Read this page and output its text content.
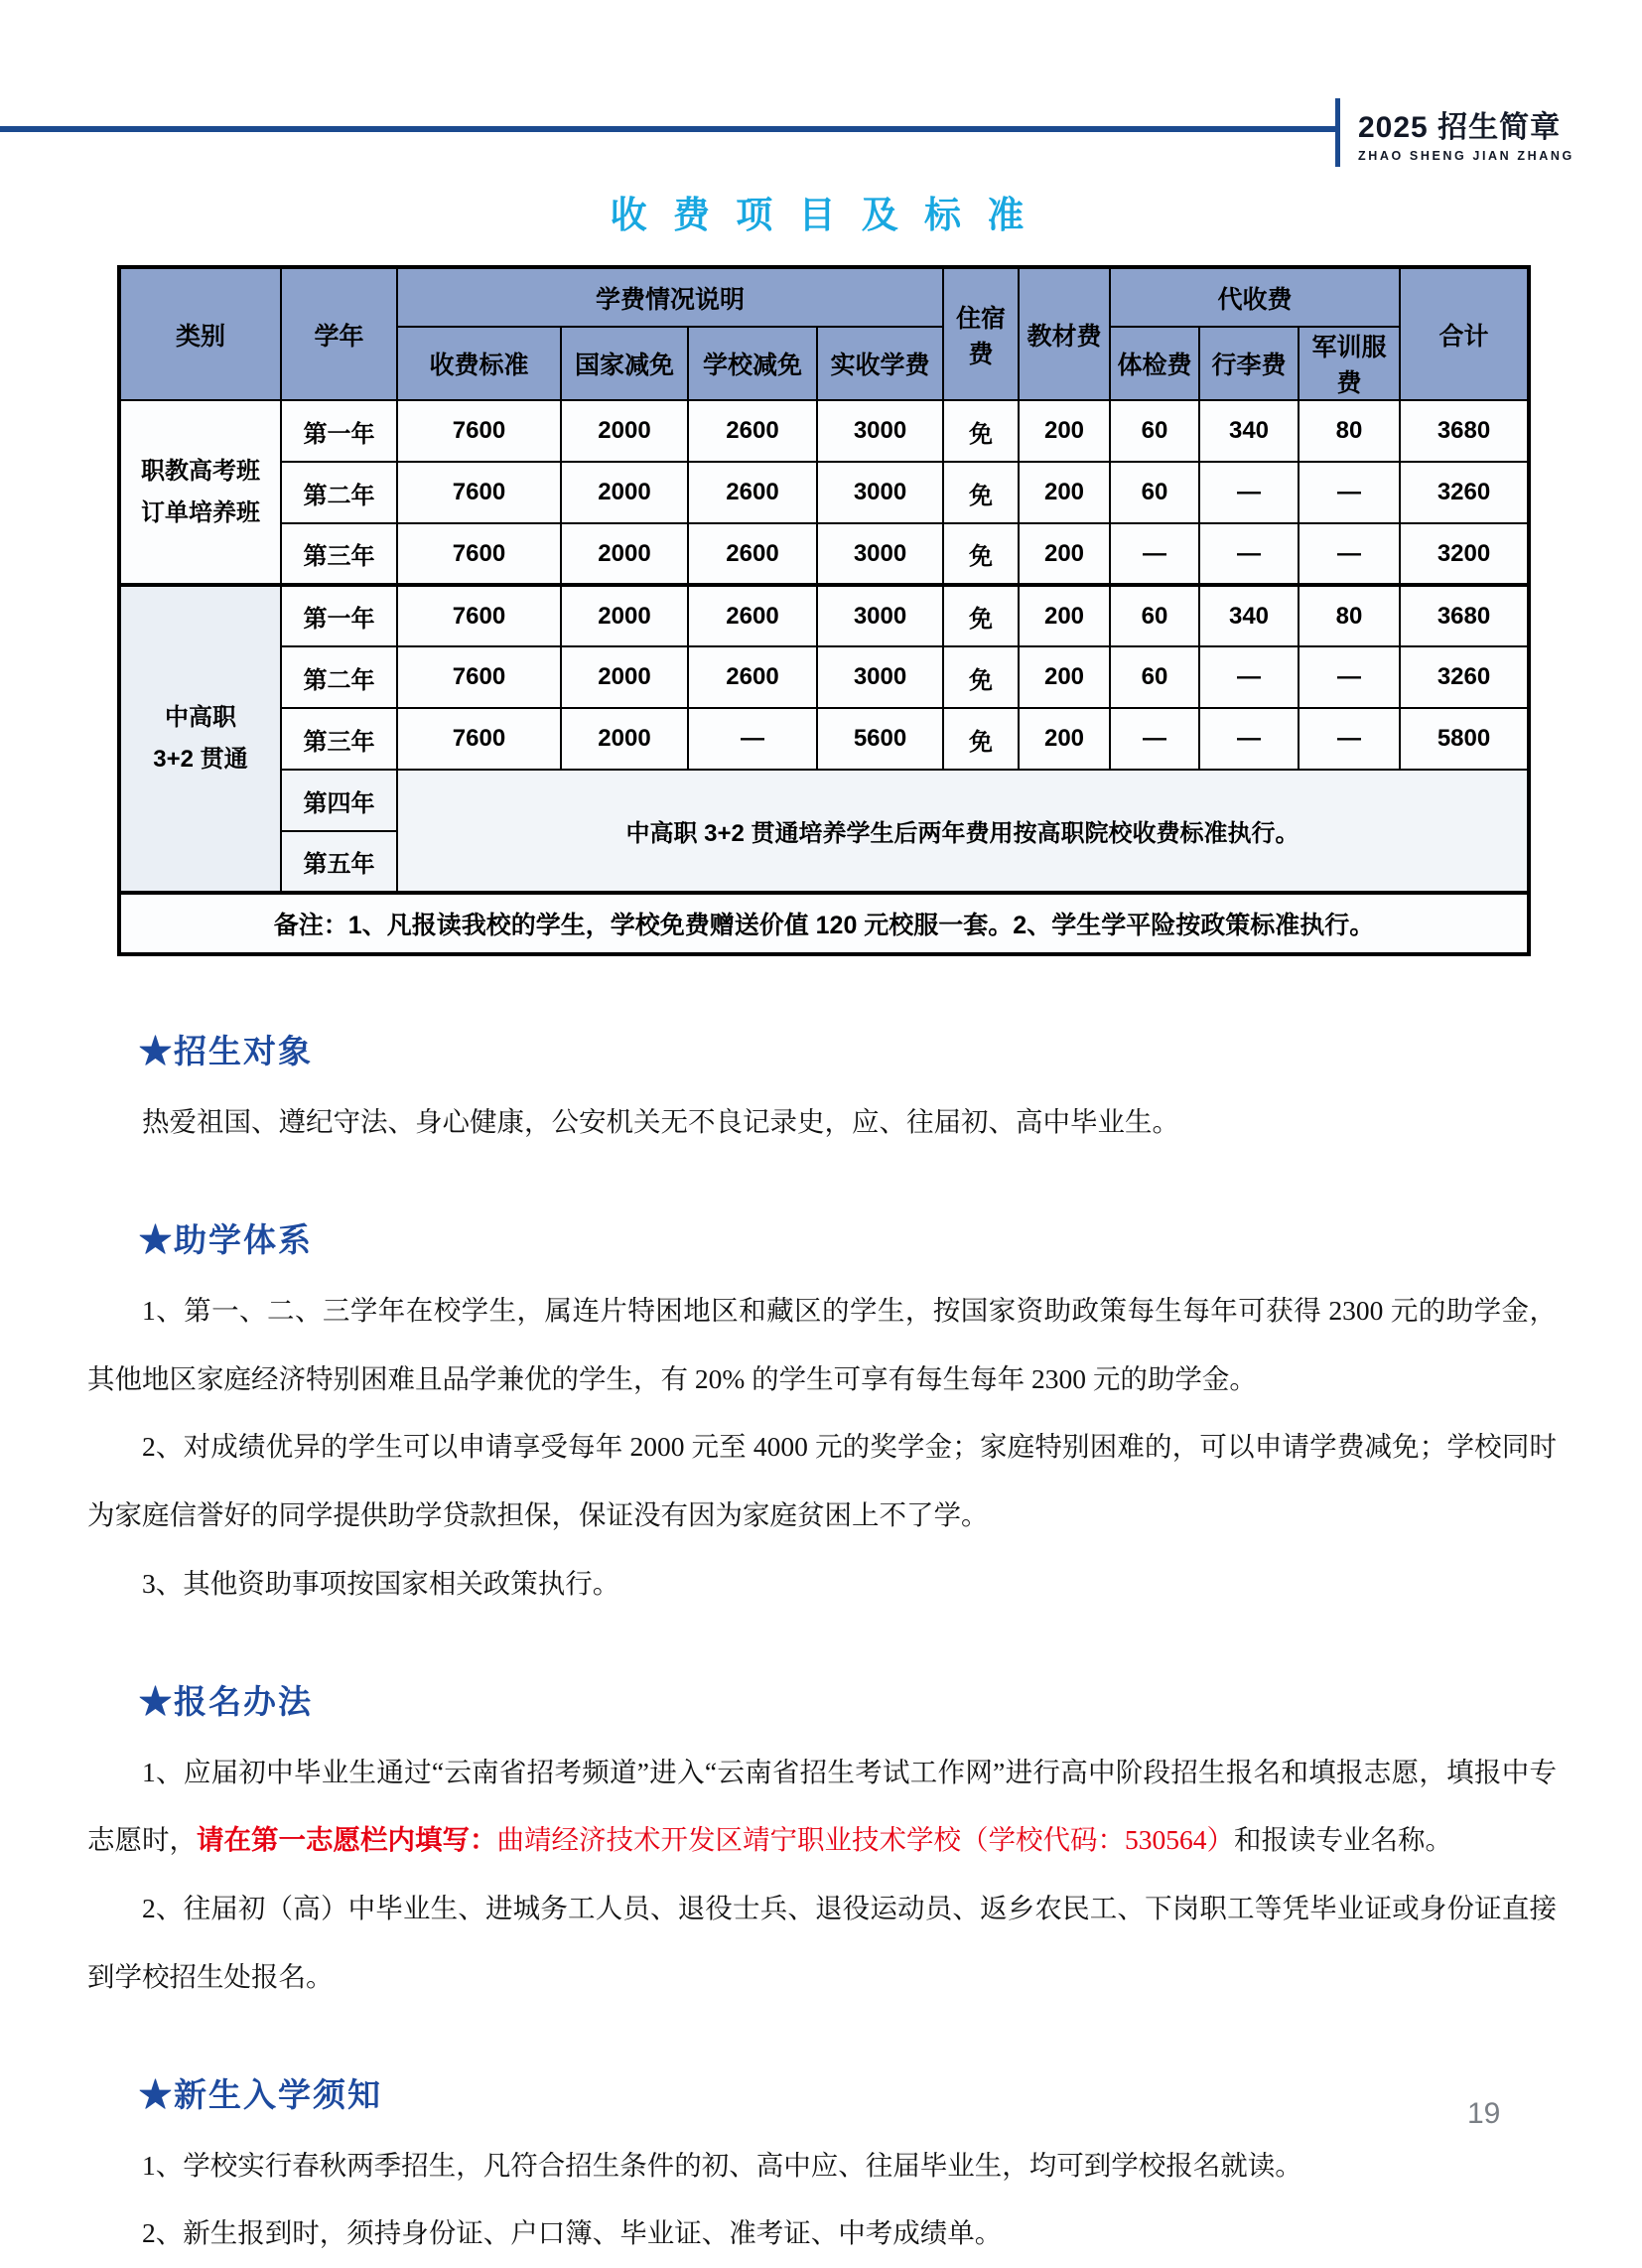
2025 招生简章
ZHAO SHENG JIAN ZHANG
收 费 项 目 及 标 准
类别	学年	学费情况说明				住宿费	教材费	代收费			合计
		收费标准	国家减免	学校减免	实收学费			体检费	行李费	军训服费	
职教高考班
订单培养班	第一年	7600	2000	2600	3000	免	200	60	340	80	3680
	第二年	7600	2000	2600	3000	免	200	60	—	—	3260
	第三年	7600	2000	2600	3000	免	200	—	—	—	3200
中高职
3+2 贯通	第一年	7600	2000	2600	3000	免	200	60	340	80	3680
	第二年	7600	2000	2600	3000	免	200	60	—	—	3260
	第三年	7600	2000	—	5600	免	200	—	—	—	5800
	第四年	中高职 3+2 贯通培养学生后两年费用按高职院校收费标准执行。									
	第五年										
备注：1、凡报读我校的学生，学校免费赠送价值 120 元校服一套。2、学生学平险按政策标准执行。											
★招生对象

热爱祖国、遵纪守法、身心健康，公安机关无不良记录史，应、往届初、高中毕业生。

★助学体系

1、第一、二、三学年在校学生，属连片特困地区和藏区的学生，按国家资助政策每生每年可获得 2300 元的助学金，其他地区家庭经济特别困难且品学兼优的学生，有 20% 的学生可享有每生每年 2300 元的助学金。

2、对成绩优异的学生可以申请享受每年 2000 元至 4000 元的奖学金；家庭特别困难的，可以申请学费减免；学校同时为家庭信誉好的同学提供助学贷款担保，保证没有因为家庭贫困上不了学。

3、其他资助事项按国家相关政策执行。

★报名办法

1、应届初中毕业生通过“云南省招考频道”进入“云南省招生考试工作网”进行高中阶段招生报名和填报志愿，填报中专志愿时，请在第一志愿栏内填写：曲靖经济技术开发区靖宁职业技术学校（学校代码：530564）和报读专业名称。

2、往届初（高）中毕业生、进城务工人员、退役士兵、退役运动员、返乡农民工、下岗职工等凭毕业证或身份证直接到学校招生处报名。

★新生入学须知

1、学校实行春秋两季招生，凡符合招生条件的初、高中应、往届毕业生，均可到学校报名就读。

2、新生报到时，须持身份证、户口簿、毕业证、准考证、中考成绩单。

19
